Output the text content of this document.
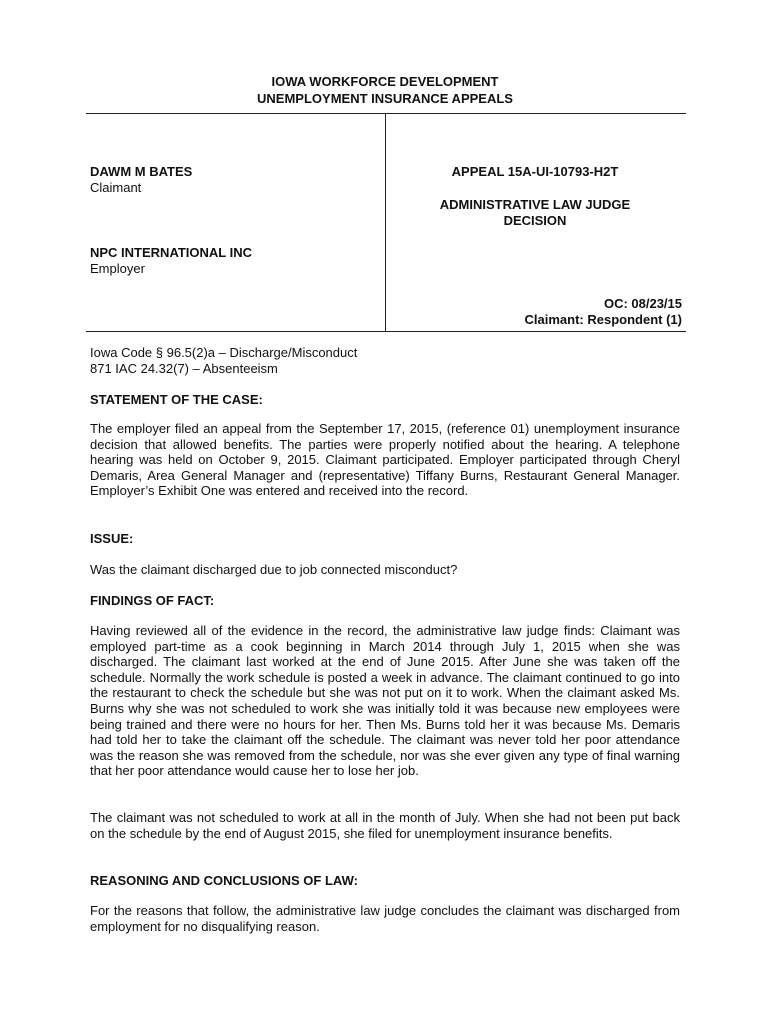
IOWA WORKFORCE DEVELOPMENT
UNEMPLOYMENT INSURANCE APPEALS
DAWM M BATES
Claimant
NPC INTERNATIONAL INC
Employer
APPEAL 15A-UI-10793-H2T
ADMINISTRATIVE LAW JUDGE
DECISION
OC: 08/23/15
Claimant: Respondent (1)
Iowa Code § 96.5(2)a – Discharge/Misconduct
871 IAC 24.32(7) – Absenteeism
STATEMENT OF THE CASE:

The employer filed an appeal from the September 17, 2015, (reference 01) unemployment insurance decision that allowed benefits. The parties were properly notified about the hearing. A telephone hearing was held on October 9, 2015. Claimant participated. Employer participated through Cheryl Demaris, Area General Manager and (representative) Tiffany Burns, Restaurant General Manager. Employer’s Exhibit One was entered and received into the record.

ISSUE:

Was the claimant discharged due to job connected misconduct?

FINDINGS OF FACT:

Having reviewed all of the evidence in the record, the administrative law judge finds: Claimant was employed part-time as a cook beginning in March 2014 through July 1, 2015 when she was discharged. The claimant last worked at the end of June 2015. After June she was taken off the schedule. Normally the work schedule is posted a week in advance. The claimant continued to go into the restaurant to check the schedule but she was not put on it to work. When the claimant asked Ms. Burns why she was not scheduled to work she was initially told it was because new employees were being trained and there were no hours for her. Then Ms. Burns told her it was because Ms. Demaris had told her to take the claimant off the schedule. The claimant was never told her poor attendance was the reason she was removed from the schedule, nor was she ever given any type of final warning that her poor attendance would cause her to lose her job.

The claimant was not scheduled to work at all in the month of July. When she had not been put back on the schedule by the end of August 2015, she filed for unemployment insurance benefits.

REASONING AND CONCLUSIONS OF LAW:

For the reasons that follow, the administrative law judge concludes the claimant was discharged from employment for no disqualifying reason.
